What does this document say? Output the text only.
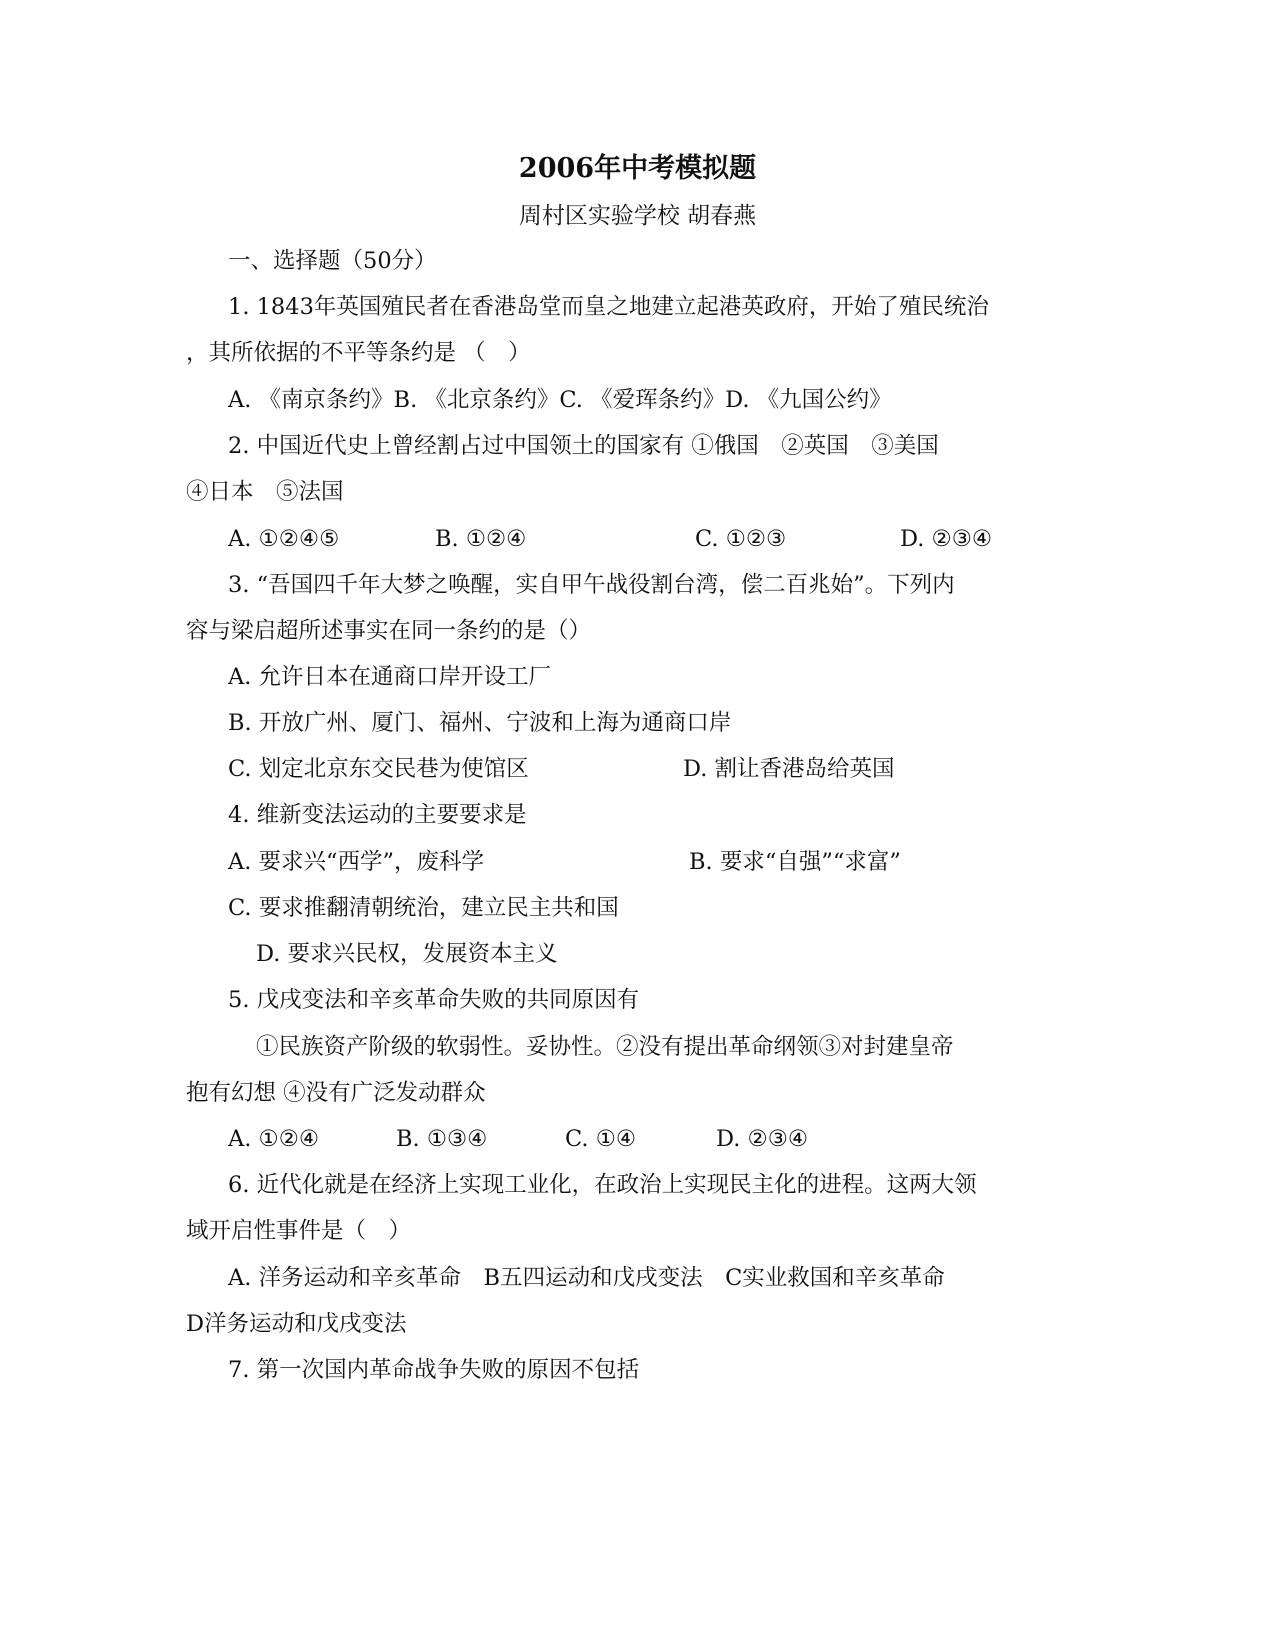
2006年中考模拟题
周村区实验学校 胡春燕
一、选择题（50分）
1. 1843年英国殖民者在香港岛堂而皇之地建立起港英政府，开始了殖民统治
，其所依据的不平等条约是 （　）
A. 《南京条约》B. 《北京条约》C. 《爱珲条约》D. 《九国公约》
2. 中国近代史上曾经割占过中国领土的国家有 ①俄国　②英国　③美国
④日本　⑤法国
A. ①②④⑤	B. ①②④	C. ①②③	D. ②③④
3. “吾国四千年大梦之唤醒，实自甲午战役割台湾，偿二百兆始”。下列内
容与梁启超所述事实在同一条约的是（）
A. 允许日本在通商口岸开设工厂
B. 开放广州、厦门、福州、宁波和上海为通商口岸
C. 划定北京东交民巷为使馆区	D. 割让香港岛给英国
4. 维新变法运动的主要要求是
A. 要求兴“西学”，废科学	B. 要求“自强”“求富”
C. 要求推翻清朝统治，建立民主共和国
D. 要求兴民权，发展资本主义
5. 戊戌变法和辛亥革命失败的共同原因有
①民族资产阶级的软弱性。妥协性。②没有提出革命纲领③对封建皇帝
抱有幻想 ④没有广泛发动群众
A. ①②④	B. ①③④	C. ①④	D. ②③④
6. 近代化就是在经济上实现工业化，在政治上实现民主化的进程。这两大领
域开启性事件是（　）
A. 洋务运动和辛亥革命　B五四运动和戊戌变法　C实业救国和辛亥革命
D洋务运动和戊戌变法
7. 第一次国内革命战争失败的原因不包括
